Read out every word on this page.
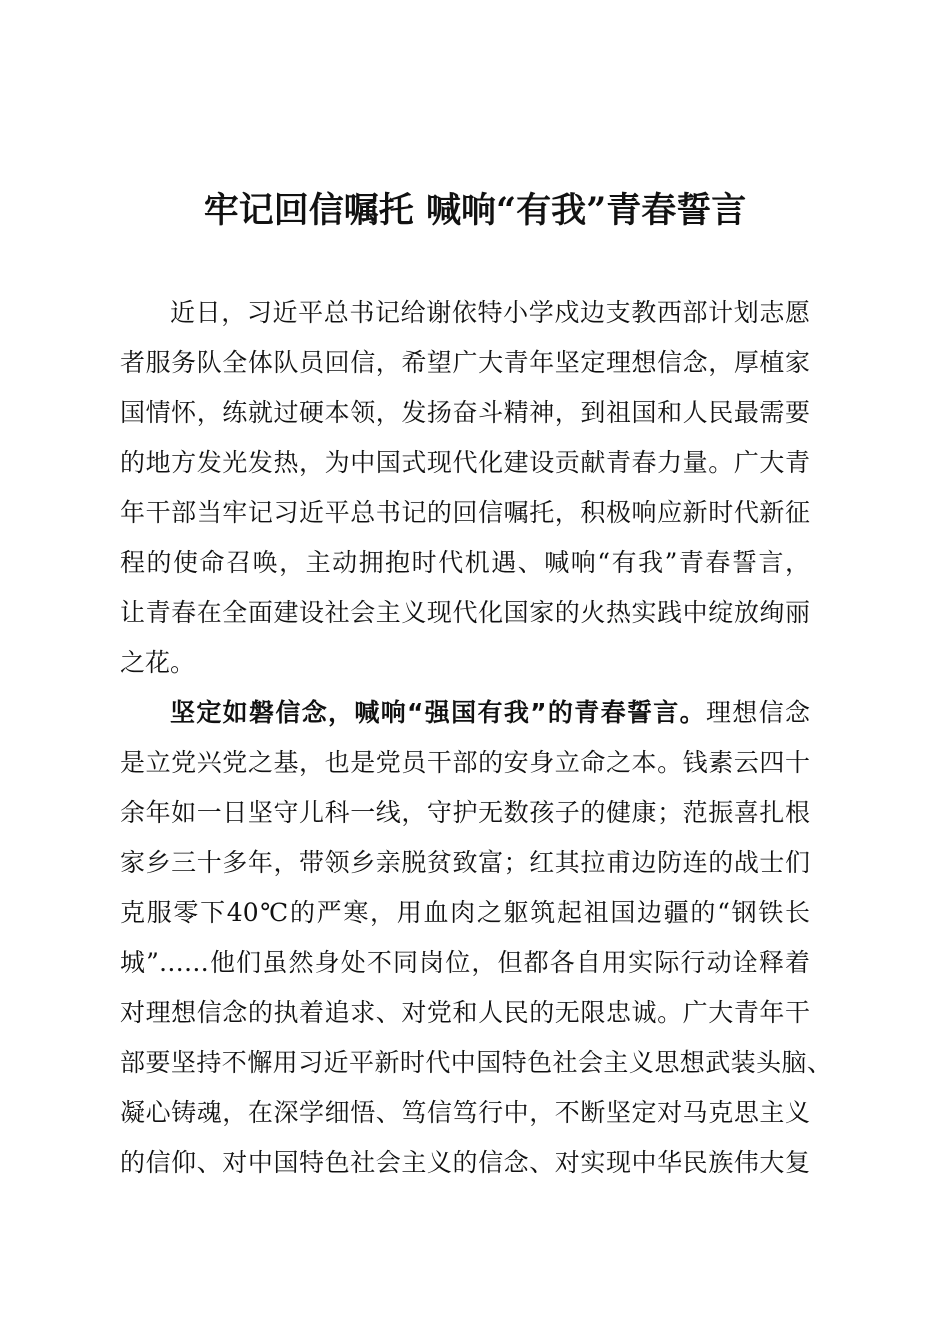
牢记回信嘱托 喊响“有我”青春誓言
近日，习近平总书记给谢依特小学戍边支教西部计划志愿
者服务队全体队员回信，希望广大青年坚定理想信念，厚植家
国情怀，练就过硬本领，发扬奋斗精神，到祖国和人民最需要
的地方发光发热，为中国式现代化建设贡献青春力量。广大青
年干部当牢记习近平总书记的回信嘱托，积极响应新时代新征
程的使命召唤，主动拥抱时代机遇、喊响“有我”青春誓言，
让青春在全面建设社会主义现代化国家的火热实践中绽放绚丽
之花。
坚定如磐信念，喊响“强国有我”的青春誓言。理想信念
是立党兴党之基，也是党员干部的安身立命之本。钱素云四十
余年如一日坚守儿科一线，守护无数孩子的健康；范振喜扎根
家乡三十多年，带领乡亲脱贫致富；红其拉甫边防连的战士们
克服零下40℃的严寒，用血肉之躯筑起祖国边疆的“钢铁长
城”……他们虽然身处不同岗位，但都各自用实际行动诠释着
对理想信念的执着追求、对党和人民的无限忠诚。广大青年干
部要坚持不懈用习近平新时代中国特色社会主义思想武装头脑、
凝心铸魂，在深学细悟、笃信笃行中，不断坚定对马克思主义
的信仰、对中国特色社会主义的信念、对实现中华民族伟大复
